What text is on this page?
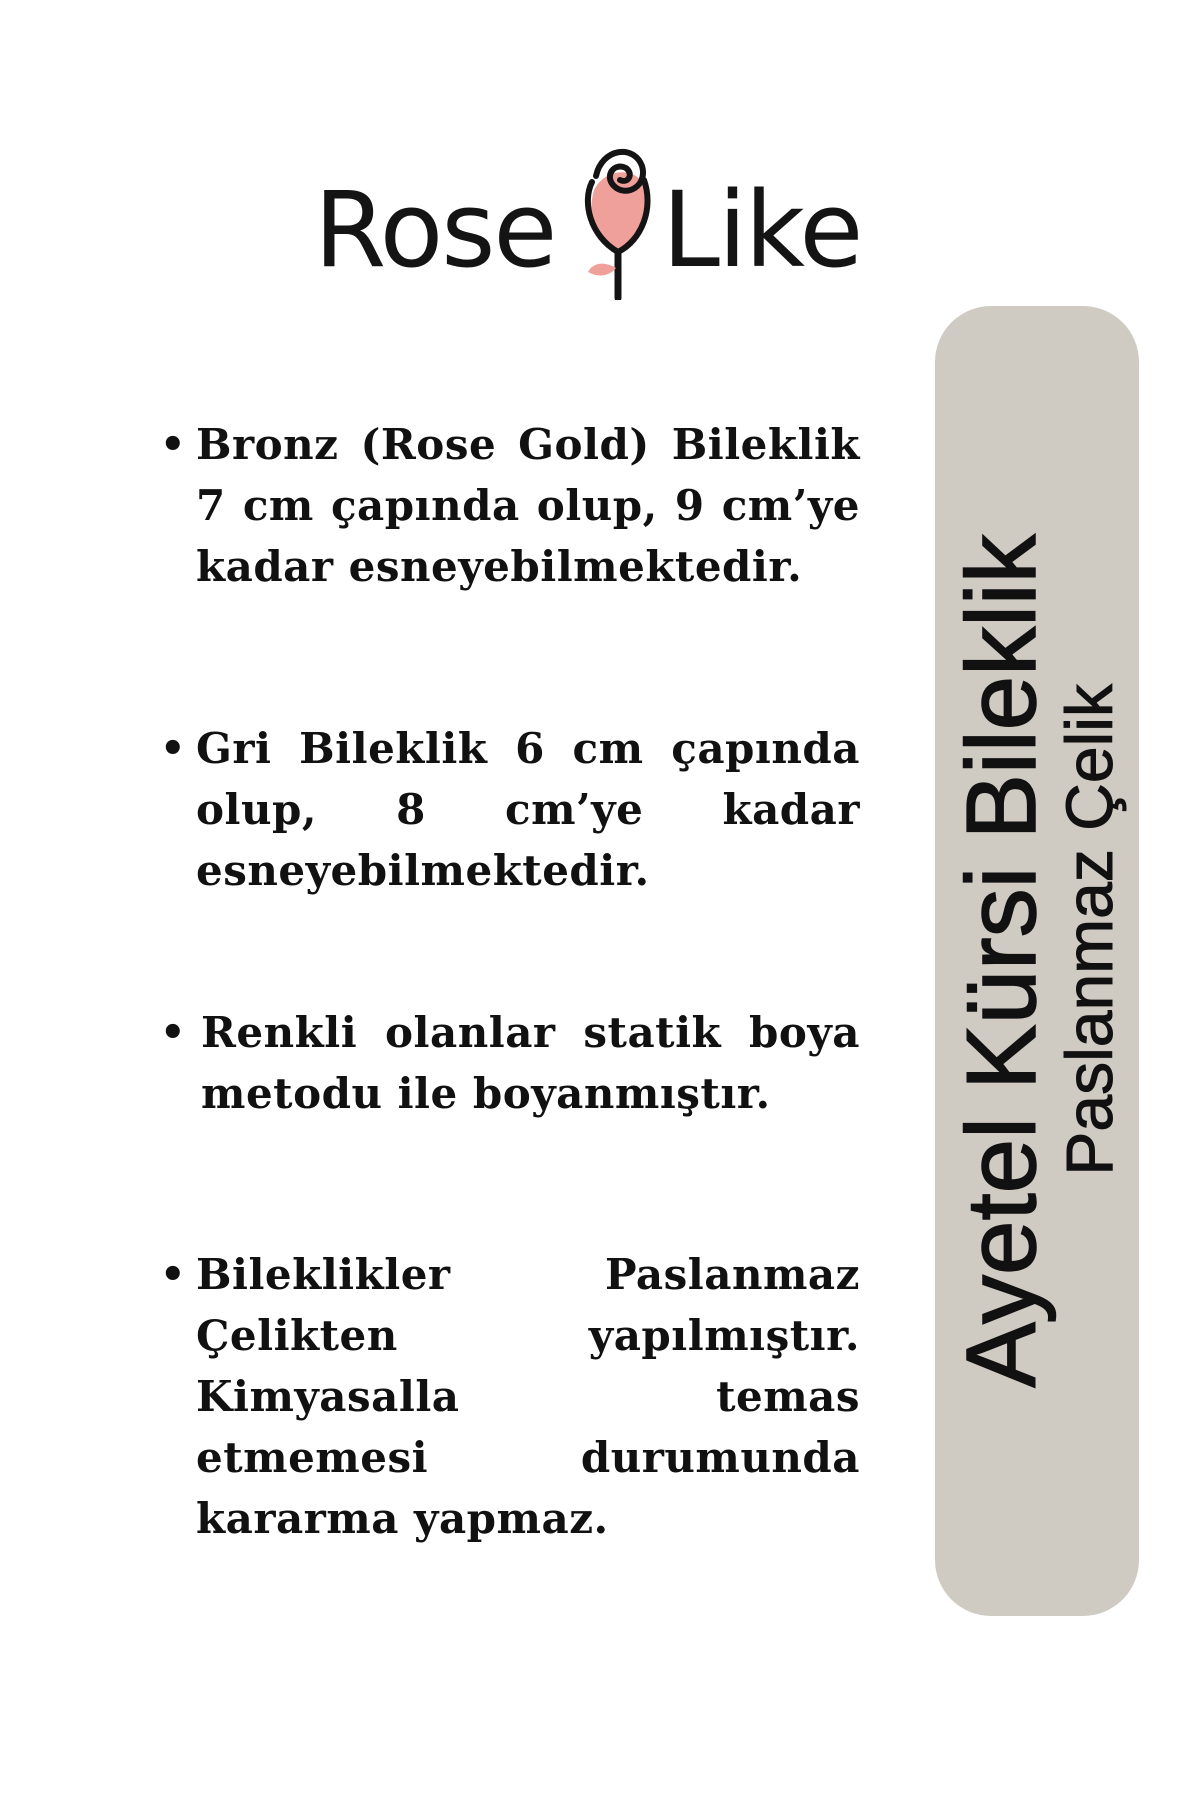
Rose Like
• Bronz (Rose Gold) Bileklik 7 cm çapında olup, 9 cm’ye kadar esneyebilmektedir.
• Gri Bileklik 6 cm çapında olup, 8 cm’ye kadar esneyebilmektedir.
• Renkli olanlar statik boya metodu ile boyanmıştır.
• Bileklikler Paslanmaz Çelikten yapılmıştır. Kimyasalla temas etmemesi durumunda kararma yapmaz.
Ayetel Kürsi Bileklik
Paslanmaz Çelik
